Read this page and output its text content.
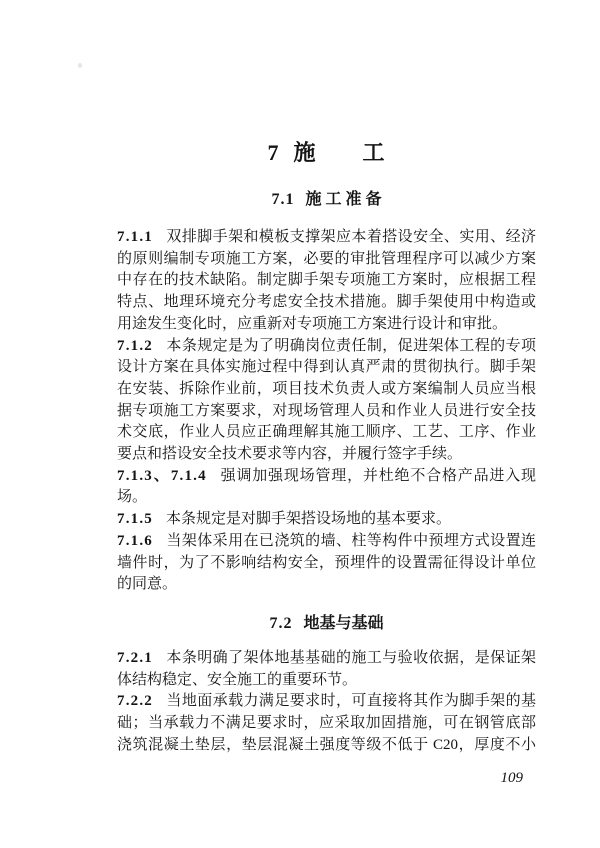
7 施　　工
7.1 施 工 准 备

7.1.1 双排脚手架和模板支撑架应本着搭设安全、实用、经济的原则编制专项施工方案，必要的审批管理程序可以减少方案中存在的技术缺陷。制定脚手架专项施工方案时，应根据工程特点、地理环境充分考虑安全技术措施。脚手架使用中构造或用途发生变化时，应重新对专项施工方案进行设计和审批。

7.1.2 本条规定是为了明确岗位责任制，促进架体工程的专项设计方案在具体实施过程中得到认真严肃的贯彻执行。脚手架在安装、拆除作业前，项目技术负责人或方案编制人员应当根据专项施工方案要求，对现场管理人员和作业人员进行安全技术交底，作业人员应正确理解其施工顺序、工艺、工序、作业要点和搭设安全技术要求等内容，并履行签字手续。

7.1.3、7.1.4 强调加强现场管理，并杜绝不合格产品进入现场。

7.1.5 本条规定是对脚手架搭设场地的基本要求。

7.1.6 当架体采用在已浇筑的墙、柱等构件中预埋方式设置连墙件时，为了不影响结构安全，预埋件的设置需征得设计单位的同意。

7.2 地基与基础

7.2.1 本条明确了架体地基基础的施工与验收依据，是保证架体结构稳定、安全施工的重要环节。

7.2.2 当地面承载力满足要求时，可直接将其作为脚手架的基础；当承载力不满足要求时，应采取加固措施，可在钢管底部浇筑混凝土垫层，垫层混凝土强度等级不低于 C20，厚度不小

109
